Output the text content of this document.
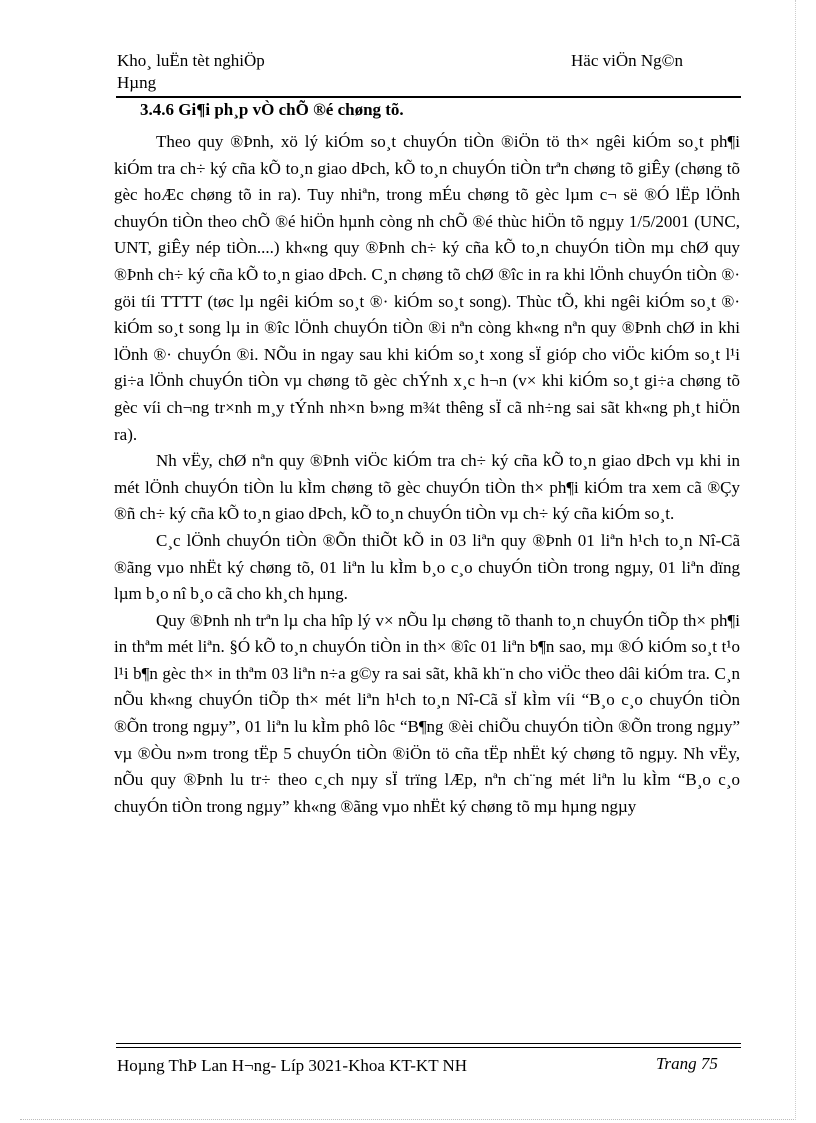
Kho¸ luËn tèt nghiÖp
Hµng
Häc viÖn Ng©n
3.4.6 Gi¶i ph¸p vÒ chÕ ®é chøng tõ.

Theo quy ®Þnh, xö lý kiÓm so¸t chuyÓn tiÒn ®iÖn tö th× ngêi kiÓm so¸t ph¶i kiÓm tra ch÷ ký cña kÕ to¸n giao dÞch, kÕ to¸n chuyÓn tiÒn trªn chøng tõ giÊy (chøng tõ gèc hoÆc chøng tõ in ra). Tuy nhiªn, trong mÉu chøng tõ gèc lµm c¬ së ®Ó lËp lÖnh chuyÓn tiÒn theo chÕ ®é hiÖn hµnh còng nh chÕ ®é thùc hiÖn tõ ngµy 1/5/2001 (UNC, UNT, giÊy nép tiÒn....) kh«ng quy ®Þnh ch÷ ký cña kÕ to¸n chuyÓn tiÒn mµ chØ quy ®Þnh ch÷ ký cña kÕ to¸n giao dÞch. C¸n chøng tõ chØ ®îc in ra khi lÖnh chuyÓn tiÒn ®· göi tíi TTTT (tøc lµ ngêi kiÓm so¸t ®· kiÓm so¸t song). Thùc tÕ, khi ngêi kiÓm so¸t ®· kiÓm so¸t song lµ in ®îc lÖnh chuyÓn tiÒn ®i nªn còng kh«ng nªn quy ®Þnh chØ in khi lÖnh ®· chuyÓn ®i. NÕu in ngay sau khi kiÓm so¸t xong sÏ gióp cho viÖc kiÓm so¸t l¹i gi÷a lÖnh chuyÓn tiÒn vµ chøng tõ gèc chÝnh x¸c h¬n (v× khi kiÓm so¸t gi÷a chøng tõ gèc víi ch¬ng tr×nh m¸y tÝnh nh×n b»ng m¾t thêng sÏ cã nh÷ng sai sãt kh«ng ph¸t hiÖn ra).

Nh vËy, chØ nªn quy ®Þnh viÖc kiÓm tra ch÷ ký cña kÕ to¸n giao dÞch vµ khi in mét lÖnh chuyÓn tiÒn lu kÌm chøng tõ gèc chuyÓn tiÒn th× ph¶i kiÓm tra xem cã ®Çy ®ñ ch÷ ký cña kÕ to¸n giao dÞch, kÕ to¸n chuyÓn tiÒn vµ ch÷ ký cña kiÓm so¸t.

C¸c lÖnh chuyÓn tiÒn ®Õn thiÕt kÕ in 03 liªn quy ®Þnh 01 liªn h¹ch to¸n Nî-Cã ®ãng vµo nhËt ký chøng tõ, 01 liªn lu kÌm b¸o c¸o chuyÓn tiÒn trong ngµy, 01 liªn dïng lµm b¸o nî b¸o cã cho kh¸ch hµng.

Quy ®Þnh nh trªn lµ cha hîp lý v× nÕu lµ chøng tõ thanh to¸n chuyÓn tiÕp th× ph¶i in thªm mét liªn. §Ó kÕ to¸n chuyÓn tiÒn in th× ®îc 01 liªn b¶n sao, mµ ®Ó kiÓm so¸t t¹o l¹i b¶n gèc th× in thªm 03 liªn n÷a g©y ra sai sãt, khã kh¨n cho viÖc theo dâi kiÓm tra. C¸n nÕu kh«ng chuyÓn tiÕp th× mét liªn h¹ch to¸n Nî-Cã sÏ kÌm víi “B¸o c¸o chuyÓn tiÒn ®Õn trong ngµy”, 01 liªn lu kÌm phô lôc “B¶ng ®èi chiÕu chuyÓn tiÒn ®Õn trong ngµy” vµ ®Òu n»m trong tËp 5 chuyÓn tiÒn ®iÖn tö cña tËp nhËt ký chøng tõ ngµy. Nh vËy, nÕu quy ®Þnh lu tr÷ theo c¸ch nµy sÏ trïng lÆp, nªn ch¨ng mét liªn lu kÌm “B¸o c¸o chuyÓn tiÒn trong ngµy” kh«ng ®ãng vµo nhËt ký chøng tõ mµ hµng ngµy

Hoµng ThÞ Lan H¬ng- Líp 3021-Khoa KT-KT NH	Trang 75
